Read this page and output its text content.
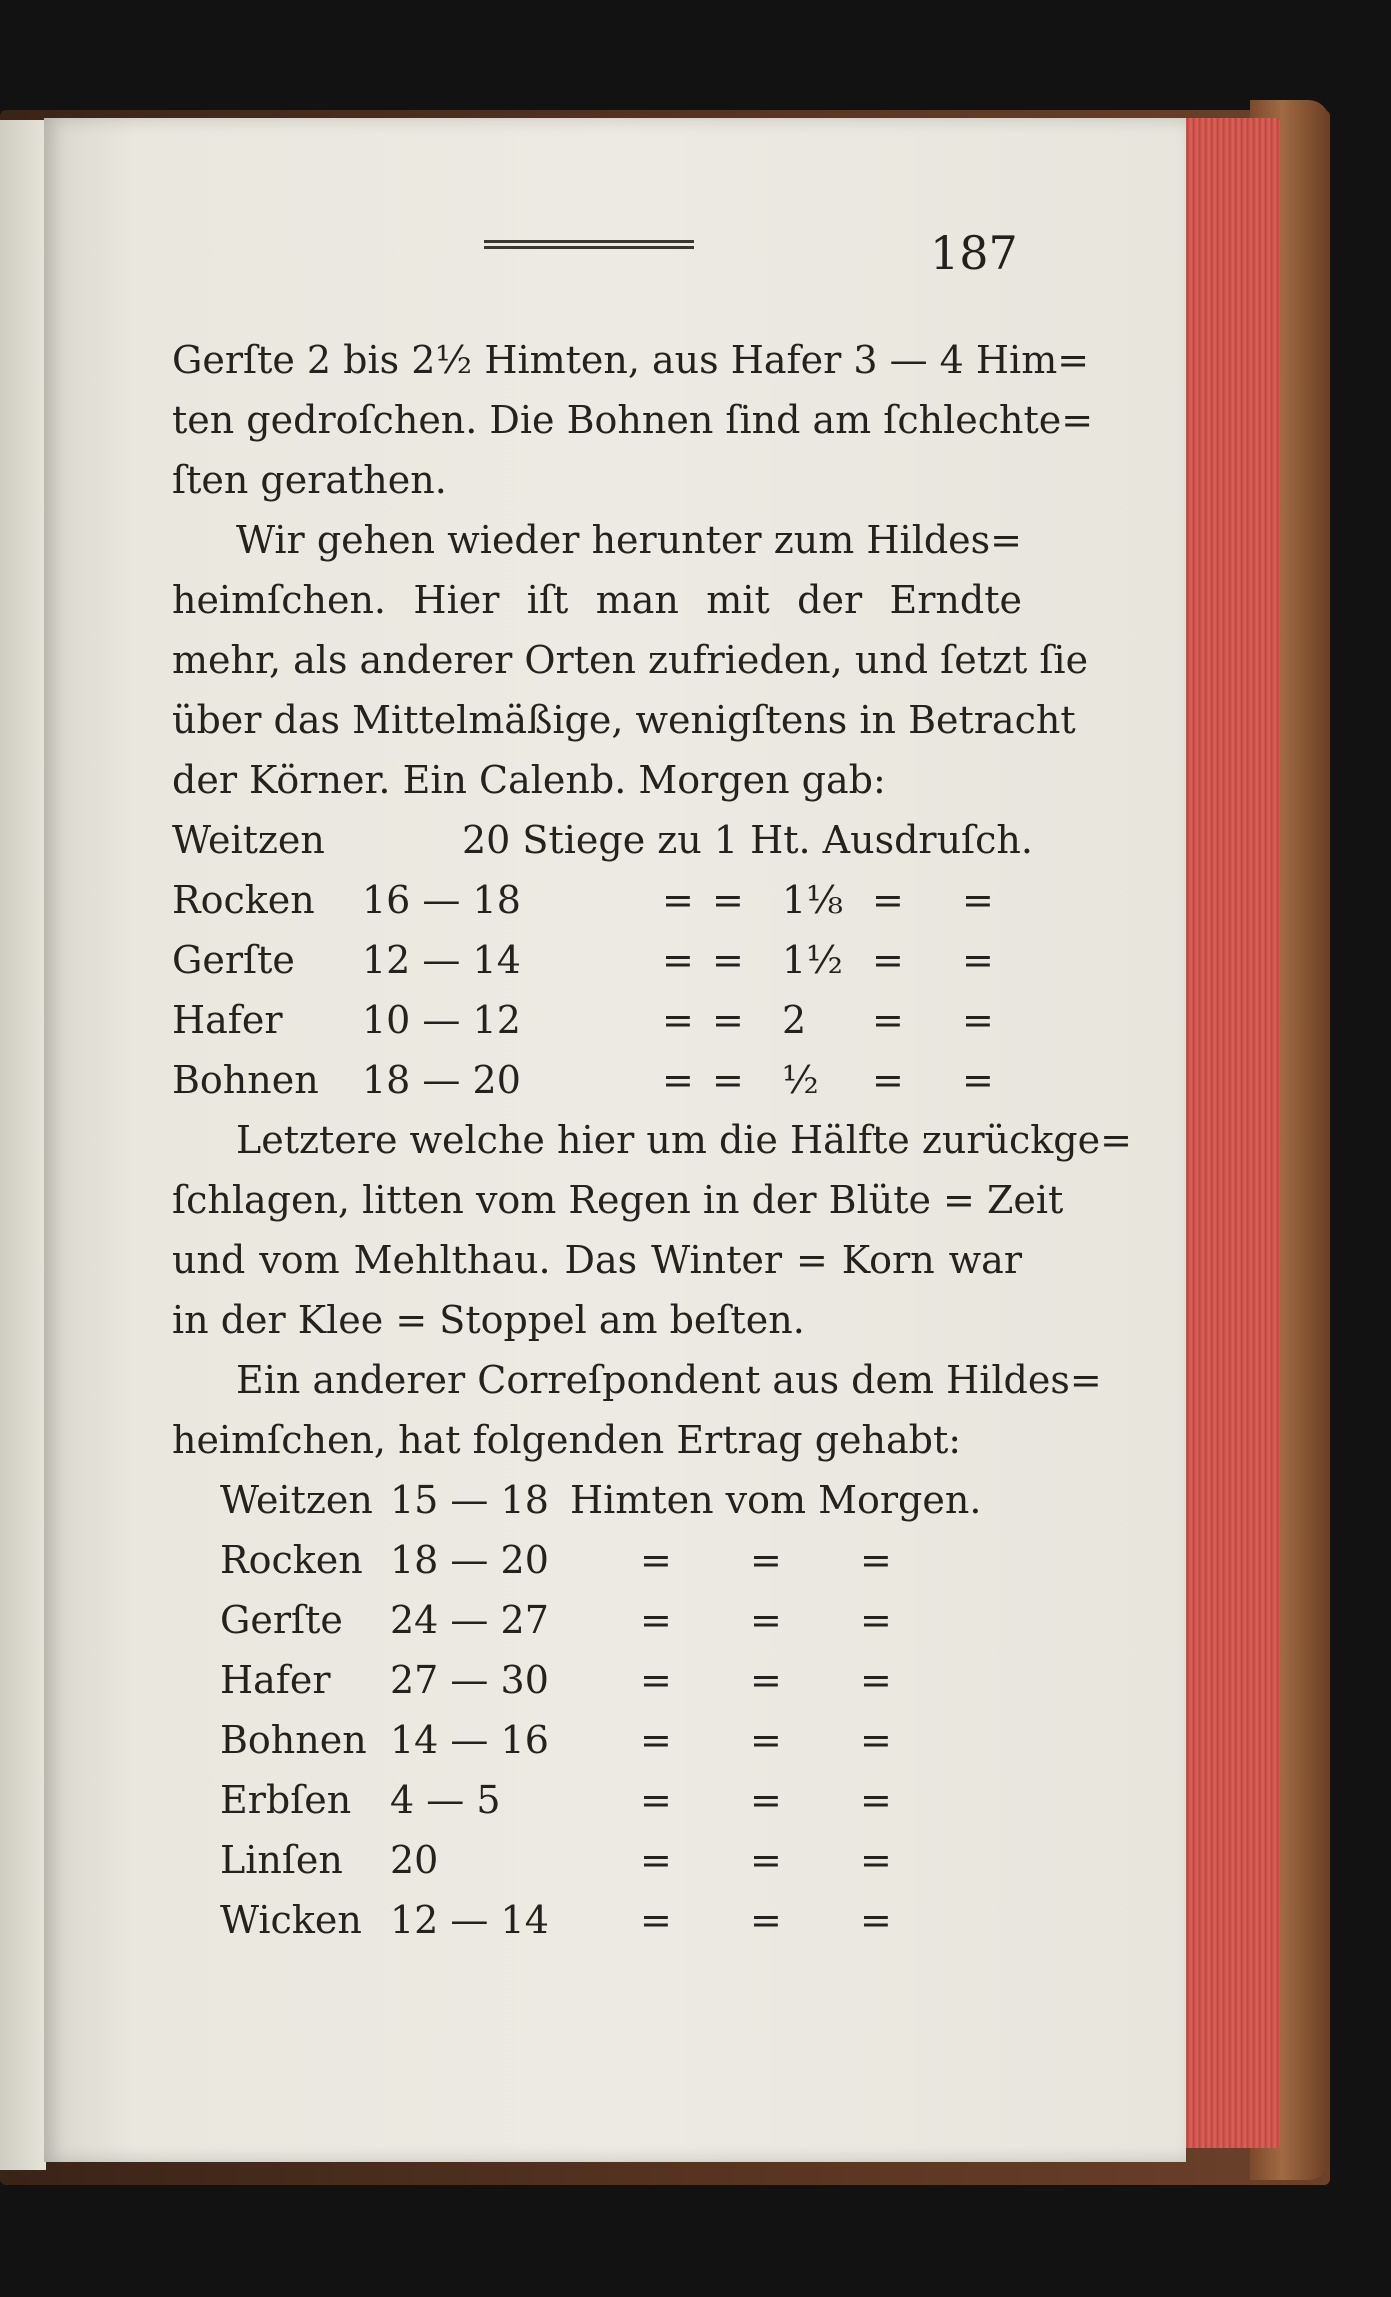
187
Gerſte 2 bis 2½ Himten, aus Hafer 3 — 4 Him=
ten gedroſchen. Die Bohnen ſind am ſchlechte=
ſten gerathen.
Wir gehen wieder herunter zum Hildes=
heimſchen. Hier iſt man mit der Erndte
mehr, als anderer Orten zufrieden, und ſetzt ſie
über das Mittelmäßige, wenigſtens in Betracht
der Körner. Ein Calenb. Morgen gab:
Weitzen	20 Stiege zu 1 Ht. Ausdruſch.
Rocken 16 — 18	= = 1⅛ = =
Gerſte 12 — 14	= = 1½ = =
Hafer 10 — 12	= = 2 = =
Bohnen 18 — 20	= = ½ = =
Letztere welche hier um die Hälfte zurückge=
ſchlagen, litten vom Regen in der Blüte = Zeit
und vom Mehlthau. Das Winter = Korn war
in der Klee = Stoppel am beſten.
Ein anderer Correſpondent aus dem Hildes=
heimſchen, hat folgenden Ertrag gehabt:
Weitzen 15 — 18 Himten vom Morgen.
Rocken 18 — 20 = = =
Gerſte 24 — 27 = = =
Hafer 27 — 30 = = =
Bohnen 14 — 16 = = =
Erbſen 4 — 5	= = =
Linſen 20	= = =
Wicken 12 — 14 = = =
